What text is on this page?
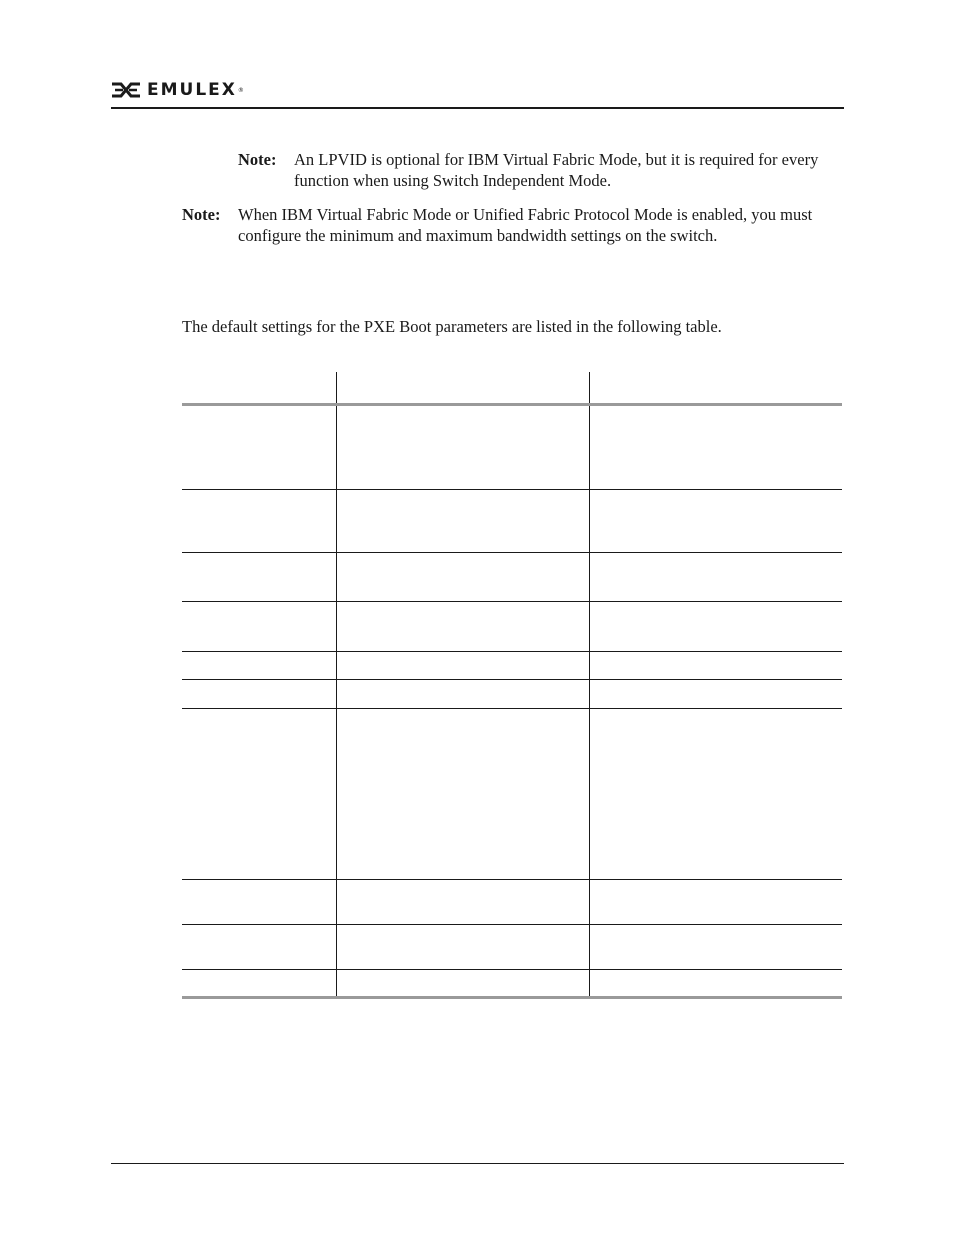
EMULEX ®
Note: An LPVID is optional for IBM Virtual Fabric Mode, but it is required for every function when using Switch Independent Mode.
Note: When IBM Virtual Fabric Mode or Unified Fabric Protocol Mode is enabled, you must configure the minimum and maximum bandwidth settings on the switch.
The default settings for the PXE Boot parameters are listed in the following table.
